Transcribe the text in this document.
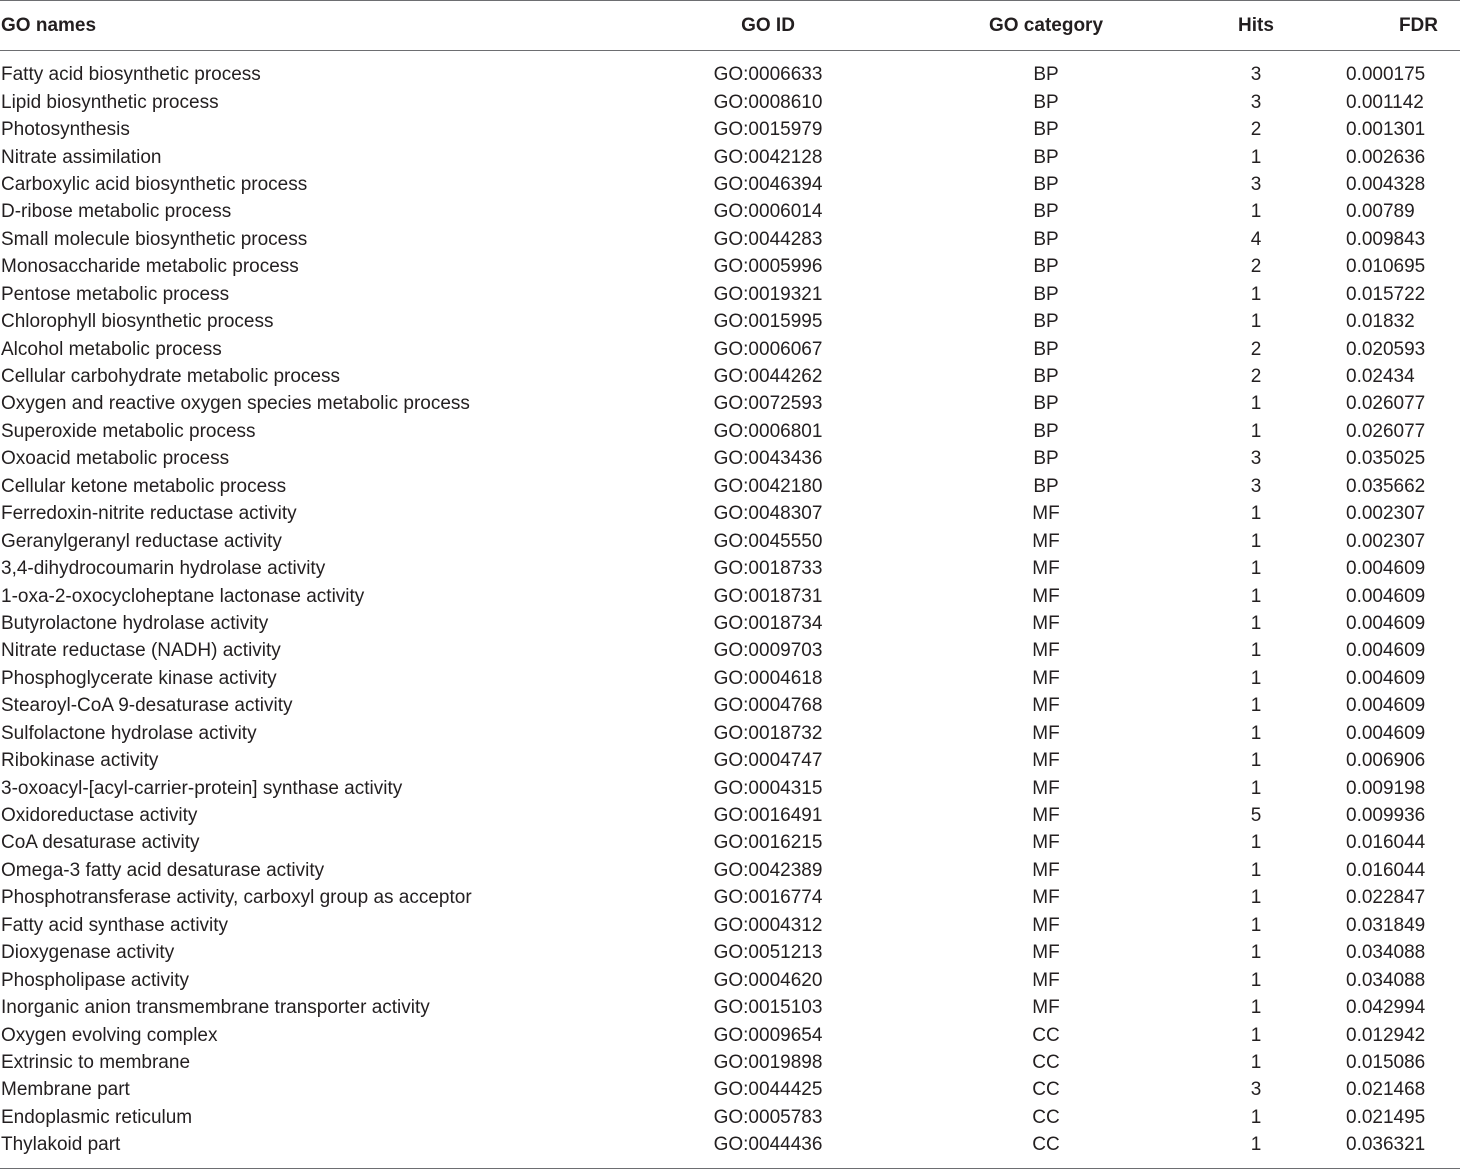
GO names	GO ID	GO category	Hits	FDR

Fatty acid biosynthetic process	GO:0006633	BP	3	0.000175
Lipid biosynthetic process	GO:0008610	BP	3	0.001142
Photosynthesis	GO:0015979	BP	2	0.001301
Nitrate assimilation	GO:0042128	BP	1	0.002636
Carboxylic acid biosynthetic process	GO:0046394	BP	3	0.004328
D-ribose metabolic process	GO:0006014	BP	1	0.00789
Small molecule biosynthetic process	GO:0044283	BP	4	0.009843
Monosaccharide metabolic process	GO:0005996	BP	2	0.010695
Pentose metabolic process	GO:0019321	BP	1	0.015722
Chlorophyll biosynthetic process	GO:0015995	BP	1	0.01832
Alcohol metabolic process	GO:0006067	BP	2	0.020593
Cellular carbohydrate metabolic process	GO:0044262	BP	2	0.02434
Oxygen and reactive oxygen species metabolic process	GO:0072593	BP	1	0.026077
Superoxide metabolic process	GO:0006801	BP	1	0.026077
Oxoacid metabolic process	GO:0043436	BP	3	0.035025
Cellular ketone metabolic process	GO:0042180	BP	3	0.035662
Ferredoxin-nitrite reductase activity	GO:0048307	MF	1	0.002307
Geranylgeranyl reductase activity	GO:0045550	MF	1	0.002307
3,4-dihydrocoumarin hydrolase activity	GO:0018733	MF	1	0.004609
1-oxa-2-oxocycloheptane lactonase activity	GO:0018731	MF	1	0.004609
Butyrolactone hydrolase activity	GO:0018734	MF	1	0.004609
Nitrate reductase (NADH) activity	GO:0009703	MF	1	0.004609
Phosphoglycerate kinase activity	GO:0004618	MF	1	0.004609
Stearoyl-CoA 9-desaturase activity	GO:0004768	MF	1	0.004609
Sulfolactone hydrolase activity	GO:0018732	MF	1	0.004609
Ribokinase activity	GO:0004747	MF	1	0.006906
3-oxoacyl-[acyl-carrier-protein] synthase activity	GO:0004315	MF	1	0.009198
Oxidoreductase activity	GO:0016491	MF	5	0.009936
CoA desaturase activity	GO:0016215	MF	1	0.016044
Omega-3 fatty acid desaturase activity	GO:0042389	MF	1	0.016044
Phosphotransferase activity, carboxyl group as acceptor	GO:0016774	MF	1	0.022847
Fatty acid synthase activity	GO:0004312	MF	1	0.031849
Dioxygenase activity	GO:0051213	MF	1	0.034088
Phospholipase activity	GO:0004620	MF	1	0.034088
Inorganic anion transmembrane transporter activity	GO:0015103	MF	1	0.042994
Oxygen evolving complex	GO:0009654	CC	1	0.012942
Extrinsic to membrane	GO:0019898	CC	1	0.015086
Membrane part	GO:0044425	CC	3	0.021468
Endoplasmic reticulum	GO:0005783	CC	1	0.021495
Thylakoid part	GO:0044436	CC	1	0.036321
